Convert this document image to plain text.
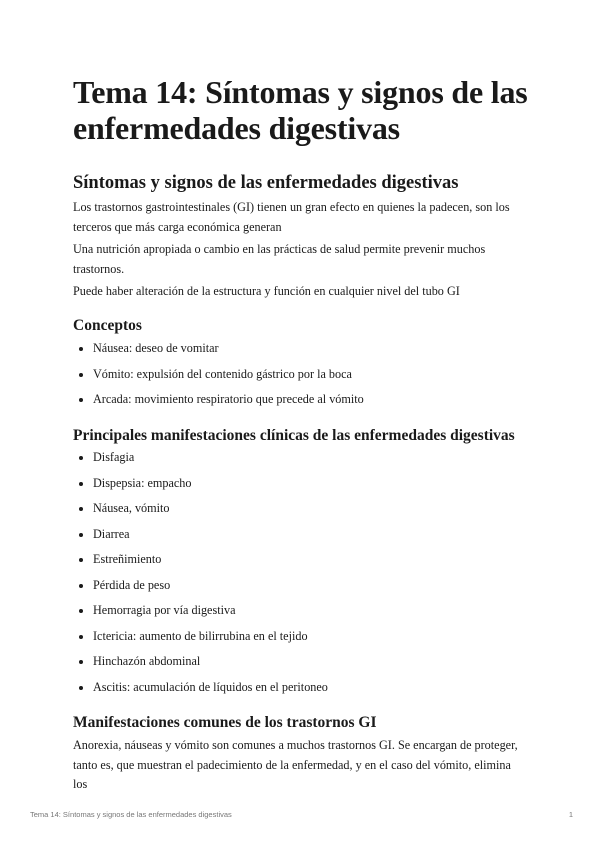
Tema 14: Síntomas y signos de las enfermedades digestivas
Síntomas y signos de las enfermedades digestivas

Los trastornos gastrointestinales (GI) tienen un gran efecto en quienes la padecen, son los terceros que más carga económica generan

Una nutrición apropiada o cambio en las prácticas de salud permite prevenir muchos trastornos.

Puede haber alteración de la estructura y función en cualquier nivel del tubo GI

Conceptos
Náusea: deseo de vomitar
Vómito: expulsión del contenido gástrico por la boca
Arcada: movimiento respiratorio que precede al vómito
Principales manifestaciones clínicas de las enfermedades digestivas
Disfagia
Dispepsia: empacho
Náusea, vómito
Diarrea
Estreñimiento
Pérdida de peso
Hemorragia por vía digestiva
Ictericia: aumento de bilirrubina en el tejido
Hinchazón abdominal
Ascitis: acumulación de líquidos en el peritoneo
Manifestaciones comunes de los trastornos GI

Anorexia, náuseas y vómito son comunes a muchos trastornos GI. Se encargan de proteger, tanto es, que muestran el padecimiento de la enfermedad, y en el caso del vómito, elimina los

Tema 14: Síntomas y signos de las enfermedades digestivas	1
